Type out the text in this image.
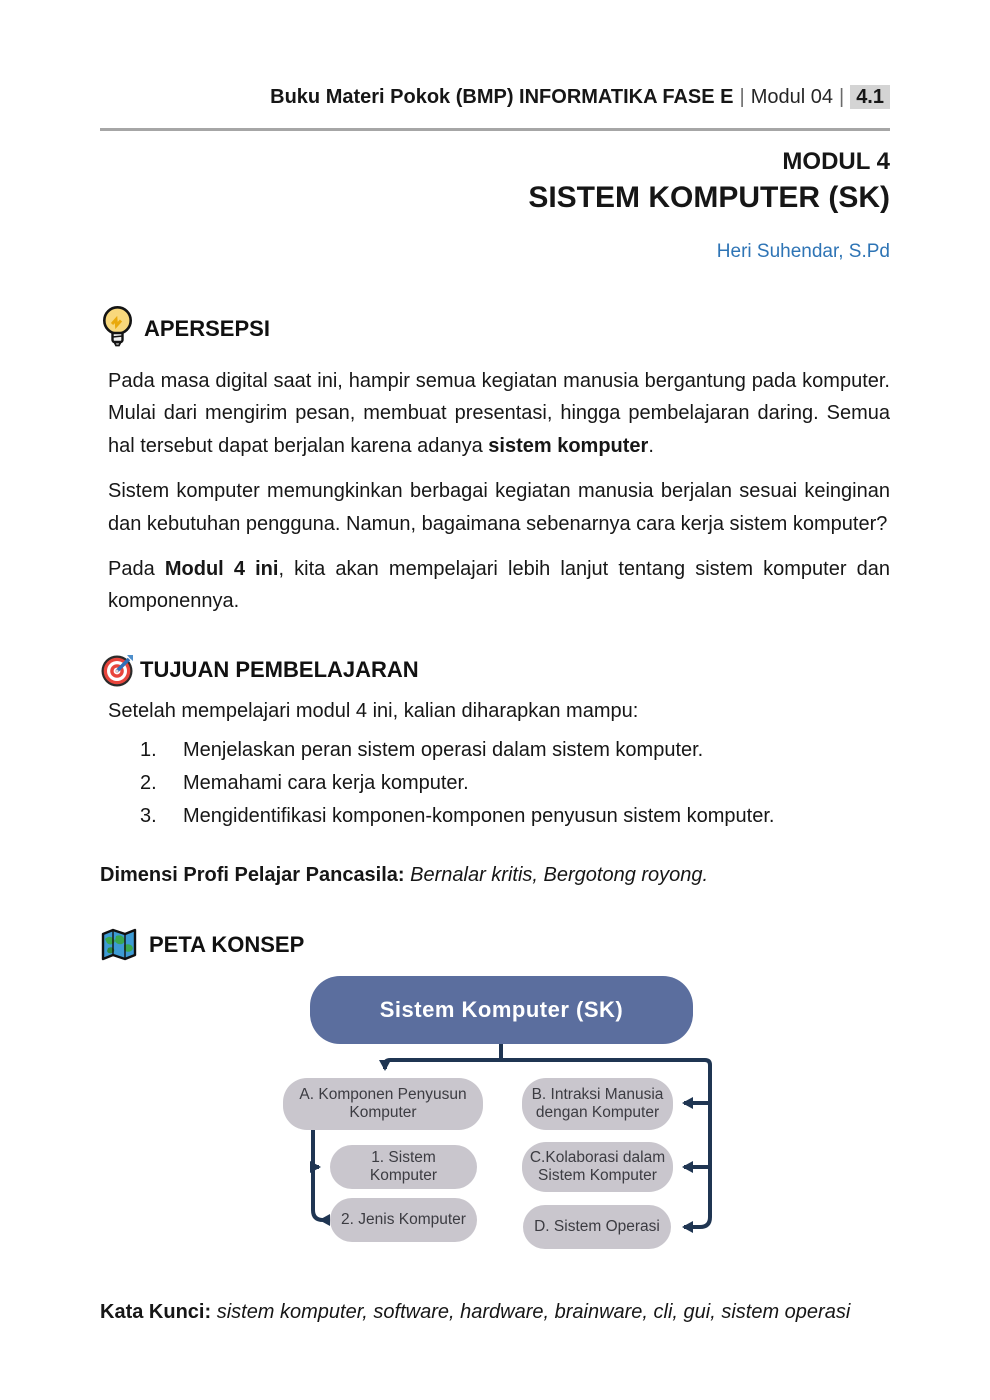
Buku Materi Pokok (BMP) INFORMATIKA FASE E | Modul 04 | 4.1
MODUL 4
SISTEM KOMPUTER (SK)
Heri Suhendar, S.Pd
APERSEPSI

Pada masa digital saat ini, hampir semua kegiatan manusia bergantung pada komputer. Mulai dari mengirim pesan, membuat presentasi, hingga pembelajaran daring. Semua hal tersebut dapat berjalan karena adanya sistem komputer.

Sistem komputer memungkinkan berbagai kegiatan manusia berjalan sesuai keinginan dan kebutuhan pengguna. Namun, bagaimana sebenarnya cara kerja sistem komputer?

Pada Modul 4 ini, kita akan mempelajari lebih lanjut tentang sistem komputer dan komponennya.

TUJUAN PEMBELAJARAN

Setelah mempelajari modul 4 ini, kalian diharapkan mampu:

1.	Menjelaskan peran sistem operasi dalam sistem komputer.
2.	Memahami cara kerja komputer.
3.	Mengidentifikasi komponen-komponen penyusun sistem komputer.

Dimensi Profi Pelajar Pancasila: Bernalar kritis, Bergotong royong.

PETA KONSEP
Sistem Komputer (SK)
A. Komponen Penyusun Komputer
B. Intraksi Manusia dengan Komputer
1. Sistem Komputer
C.Kolaborasi dalam Sistem Komputer
2. Jenis Komputer	D. Sistem Operasi

Kata Kunci: sistem komputer, software, hardware, brainware, cli, gui, sistem operasi
